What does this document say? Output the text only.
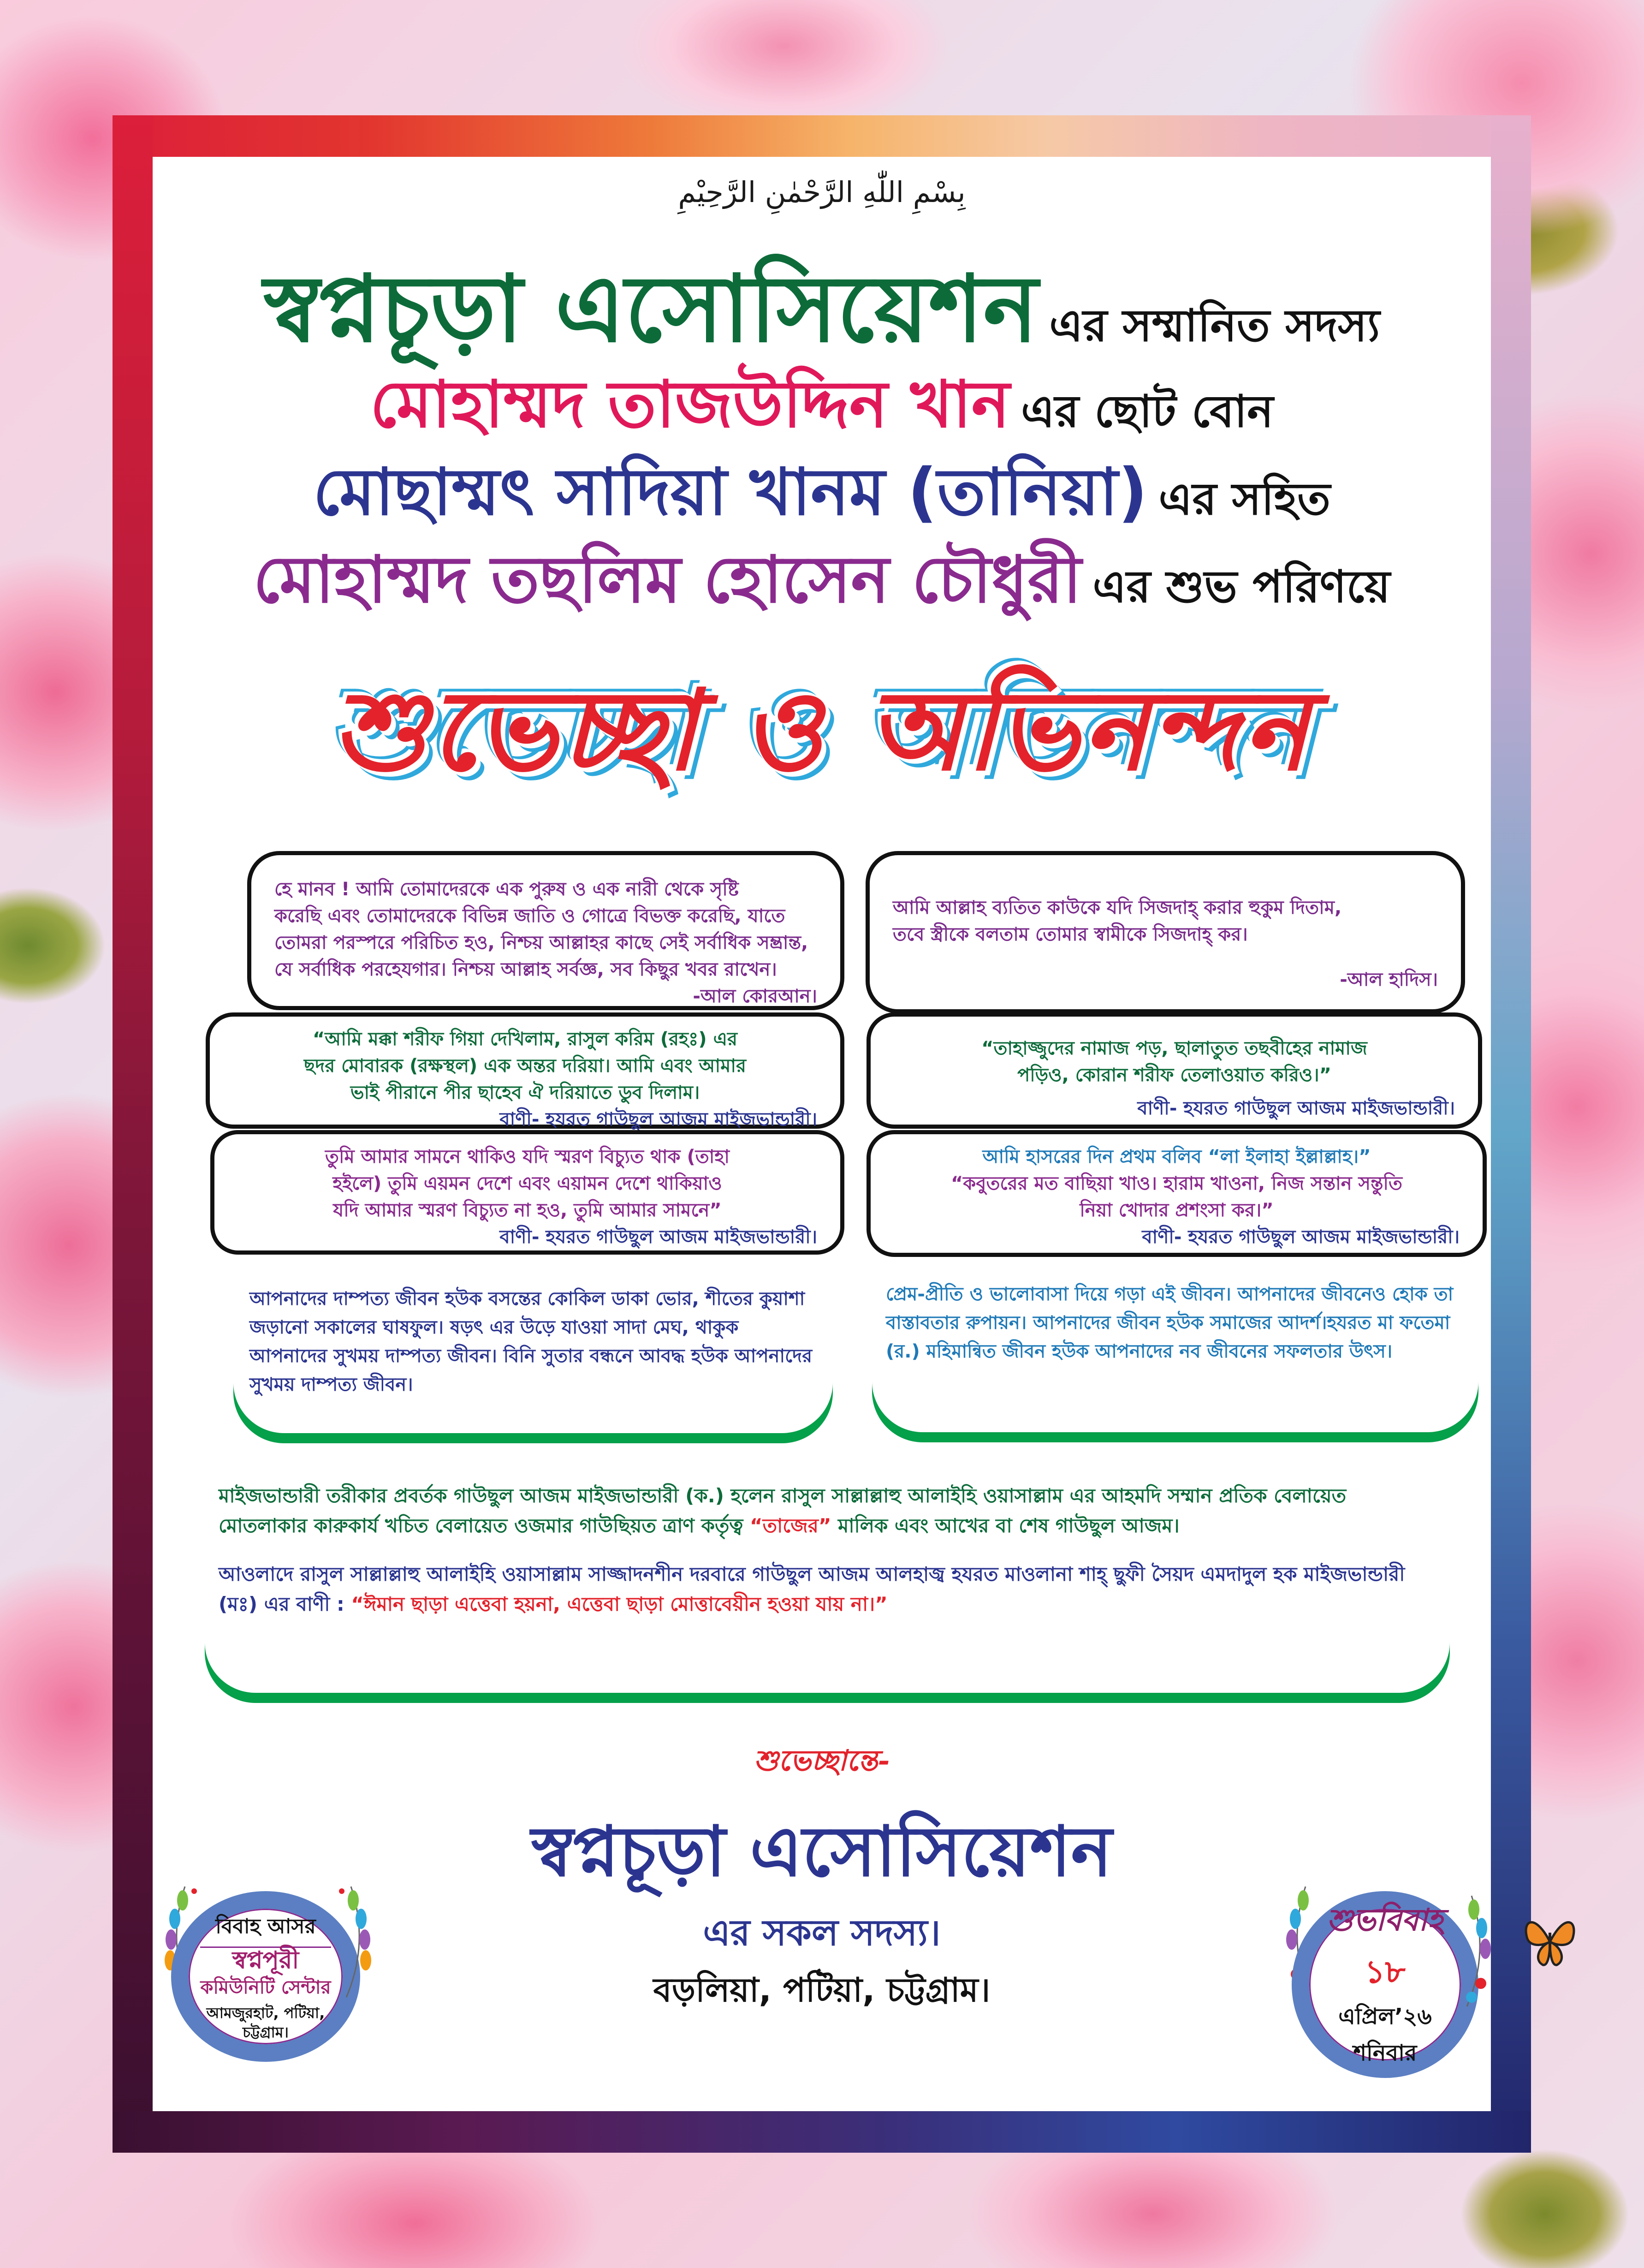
بِسْمِ اللّٰهِ الرَّحْمٰنِ الرَّحِيْمِ
স্বপ্নচূড়া এসোসিয়েশন এর সম্মানিত সদস্য
মোহাম্মদ তাজউদ্দিন খান এর ছোট বোন
মোছাম্মৎ সাদিয়া খানম (তানিয়া) এর সহিত
মোহাম্মদ তছলিম হোসেন চৌধুরী এর শুভ পরিণয়ে
শুভেচ্ছা ও অভিনন্দন

হে মানব ! আমি তোমাদেরকে এক পুরুষ ও এক নারী থেকে সৃষ্টি

করেছি এবং তোমাদেরকে বিভিন্ন জাতি ও গোত্রে বিভক্ত করেছি, যাতে

তোমরা পরস্পরে পরিচিত হও, নিশ্চয় আল্লাহর কাছে সেই সর্বাধিক সম্ভ্রান্ত,

যে সর্বাধিক পরহেযগার। নিশ্চয় আল্লাহ সর্বজ্ঞ, সব কিছুর খবর রাখেন।

-আল কোরআন।

আমি আল্লাহ ব্যতিত কাউকে যদি সিজদাহ্ করার হুকুম দিতাম,

তবে স্ত্রীকে বলতাম তোমার স্বামীকে সিজদাহ্ কর।

-আল হাদিস।

“আমি মক্কা শরীফ গিয়া দেখিলাম, রাসুল করিম (রহঃ) এর

ছদর মোবারক (রক্ষস্থল) এক অন্তর দরিয়া। আমি এবং আমার

ভাই পীরানে পীর ছাহেব ঐ দরিয়াতে ডুব দিলাম।

বাণী- হযরত গাউছুল আজম মাইজভান্ডারী।

“তাহাজ্জুদের নামাজ পড়, ছালাতুত তছবীহের নামাজ

পড়িও, কোরান শরীফ তেলাওয়াত করিও।”

বাণী- হযরত গাউছুল আজম মাইজভান্ডারী।

তুমি আমার সামনে থাকিও যদি স্মরণ বিচ্যুত থাক (তাহা

হইলে) তুমি এয়মন দেশে এবং এয়ামন দেশে থাকিয়াও

যদি আমার স্মরণ বিচ্যুত না হও, তুমি আমার সামনে”

বাণী- হযরত গাউছুল আজম মাইজভান্ডারী।

আমি হাসরের দিন প্রথম বলিব “লা ইলাহা ইল্লাল্লাহ।”

“কবুতরের মত বাছিয়া খাও। হারাম খাওনা, নিজ সন্তান সন্তুতি

নিয়া খোদার প্রশংসা কর।”

বাণী- হযরত গাউছুল আজম মাইজভান্ডারী।

আপনাদের দাম্পত্য জীবন হউক বসন্তের কোকিল ডাকা ভোর, শীতের কুয়াশা জড়ানো সকালের ঘাষফুল। ষড়ৎ এর উড়ে যাওয়া সাদা মেঘ, থাকুক আপনাদের সুখময় দাম্পত্য জীবন। বিনি সুতার বন্ধনে আবদ্ধ হউক আপনাদের সুখময় দাম্পত্য জীবন।

প্রেম-প্রীতি ও ভালোবাসা দিয়ে গড়া এই জীবন। আপনাদের জীবনেও হোক তা বাস্তাবতার রুপায়ন। আপনাদের জীবন হউক সমাজের আদর্শ।হযরত মা ফতেমা (র.) মহিমান্বিত জীবন হউক আপনাদের নব জীবনের সফলতার উৎস।

মাইজভান্ডারী তরীকার প্রবর্তক গাউছুল আজম মাইজভান্ডারী (ক.) হলেন রাসুল সাল্লাল্লাহু আলাইহি ওয়াসাল্লাম এর আহমদি সম্মান প্রতিক বেলায়েত মোতলাকার কারুকার্য খচিত বেলায়েত ওজমার গাউছিয়ত ত্রাণ কর্তৃত্ব “তাজের” মালিক এবং আখের বা শেষ গাউছুল আজম।

আওলাদে রাসুল সাল্লাল্লাহু আলাইহি ওয়াসাল্লাম সাজ্জাদনশীন দরবারে গাউছুল আজম আলহাজ্ব হযরত মাওলানা শাহ্ ছুফী সৈয়দ এমদাদুল হক মাইজভান্ডারী (মঃ) এর বাণী : “ঈমান ছাড়া এত্তেবা হয়না, এত্তেবা ছাড়া মোত্তাবেয়ীন হওয়া যায় না।”

শুভেচ্ছান্তে-
স্বপ্নচূড়া এসোসিয়েশন
এর সকল সদস্য।
বড়লিয়া, পটিয়া, চট্টগ্রাম।
বিবাহ আসর
স্বপ্নপূরী
কমিউনিটি সেন্টার
আমজুরহাট, পটিয়া,
চট্টগ্রাম।
শুভবিবাহ
১৮
এপ্রিল’২৬
শনিবার
